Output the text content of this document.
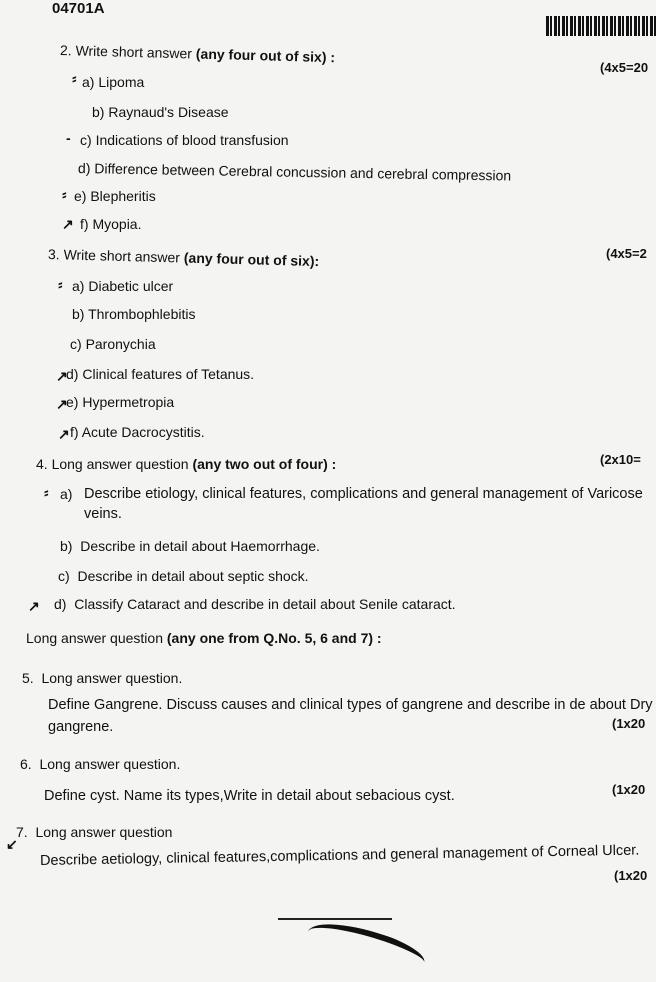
04701A
2. Write short answer (any four out of six) :
(4x5=20
⸗ a) Lipoma
b) Raynaud's Disease
- c) Indications of blood transfusion
d) Difference between Cerebral concussion and cerebral compression
⸗ e) Blepheritis
↗ f) Myopia.
3. Write short answer (any four out of six):	(4x5=2
⸗ a) Diabetic ulcer
b) Thrombophlebitis
c) Paronychia
↗
d) Clinical features of Tetanus.
↗
e) Hypermetropia
↗ f) Acute Dacrocystitis.
4. Long answer question (any two out of four) :	(2x10=
⸗ a) Describe etiology, clinical features, complications and general management of Varicose veins.
b) Describe in detail about Haemorrhage.
c) Describe in detail about septic shock.
↗ d) Classify Cataract and describe in detail about Senile cataract.
Long answer question (any one from Q.No. 5, 6 and 7) :
5. Long answer question.
Define Gangrene. Discuss causes and clinical types of gangrene and describe in de about Dry gangrene.	(1x20
6. Long answer question.
Define cyst. Name its types,Write in detail about sebacious cyst.	(1x20
↙
7. Long answer question
Describe aetiology, clinical features,complications and general management of Corneal Ulcer.
(1x20
